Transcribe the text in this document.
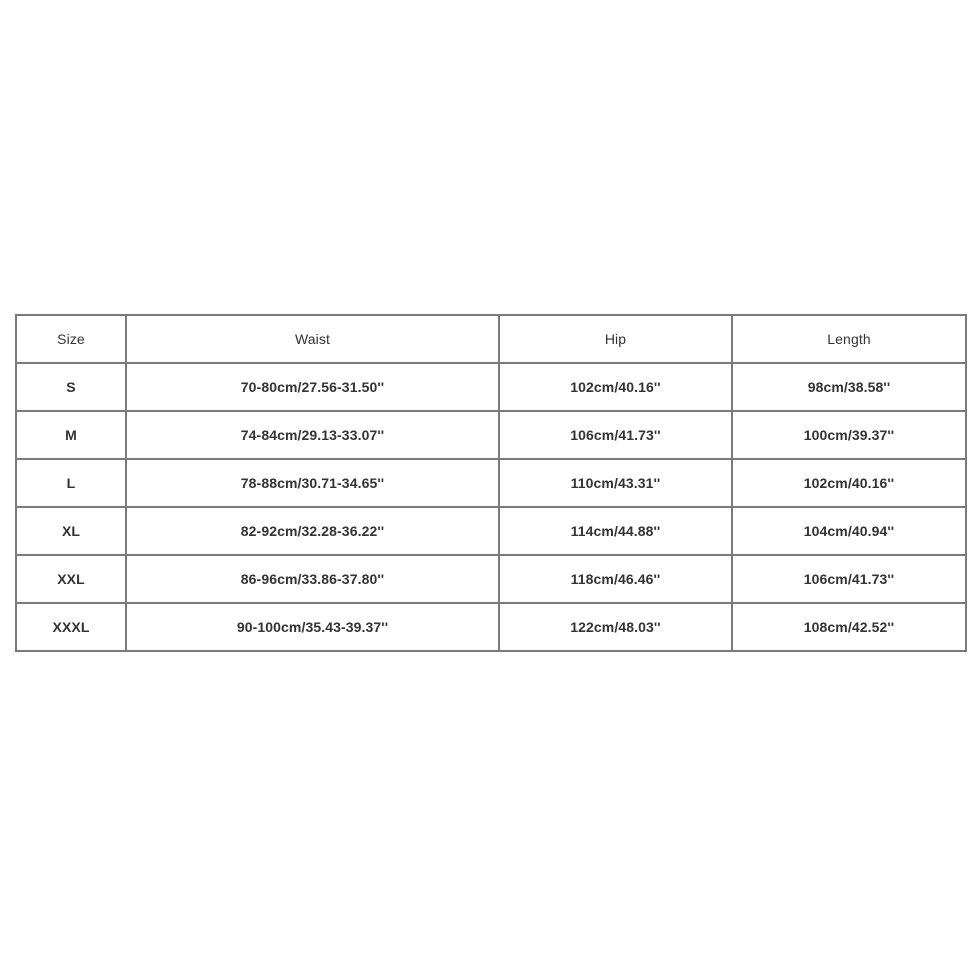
Size	Waist	Hip	Length
S	70-80cm/27.56-31.50''	102cm/40.16''	98cm/38.58''
M	74-84cm/29.13-33.07''	106cm/41.73''	100cm/39.37''
L	78-88cm/30.71-34.65''	110cm/43.31''	102cm/40.16''
XL	82-92cm/32.28-36.22''	114cm/44.88''	104cm/40.94''
XXL	86-96cm/33.86-37.80''	118cm/46.46''	106cm/41.73''
XXXL	90-100cm/35.43-39.37''	122cm/48.03''	108cm/42.52''
